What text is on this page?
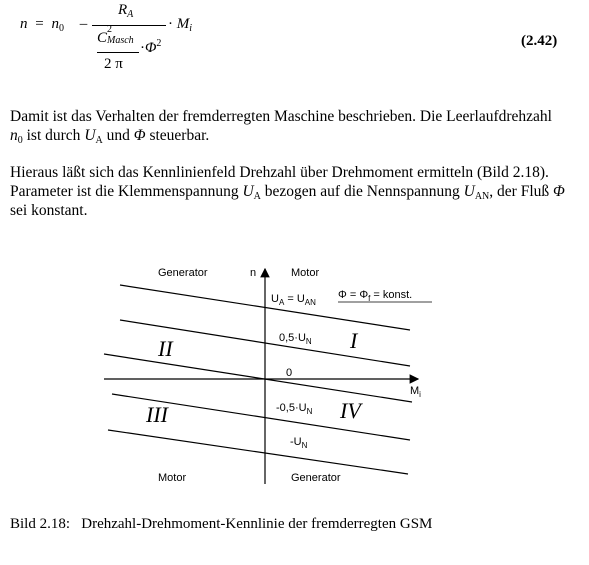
$n = n_0$ –
$R_A$
C
2
Masch
2 π
$\cdot\Phi^2$
· $M_i$
(2.42)
Damit ist das Verhalten der fremderregten Maschine beschrieben. Die Leerlaufdrehzahl
$n_0$ ist durch $U_A$ und Φ steuerbar.
Hieraus läßt sich das Kennlinienfeld Drehzahl über Drehmoment ermitteln (Bild 2.18).
Parameter ist die Klemmenspannung $U_A$ bezogen auf die Nennspannung $U_{AN}$, der Fluß Φ
sei konstant.
n
$M_i$
Generator	Motor
Motor	Generator
$U_A = U_{AN}$
$\Phi = \Phi_f$ = konst.
$0,5\cdot U_N$
0
$-0,5\cdot U_N$
$-U_N$
I
II
III	IV
Bild 2.18:   Drehzahl-Drehmoment-Kennlinie der fremderregten GSM
